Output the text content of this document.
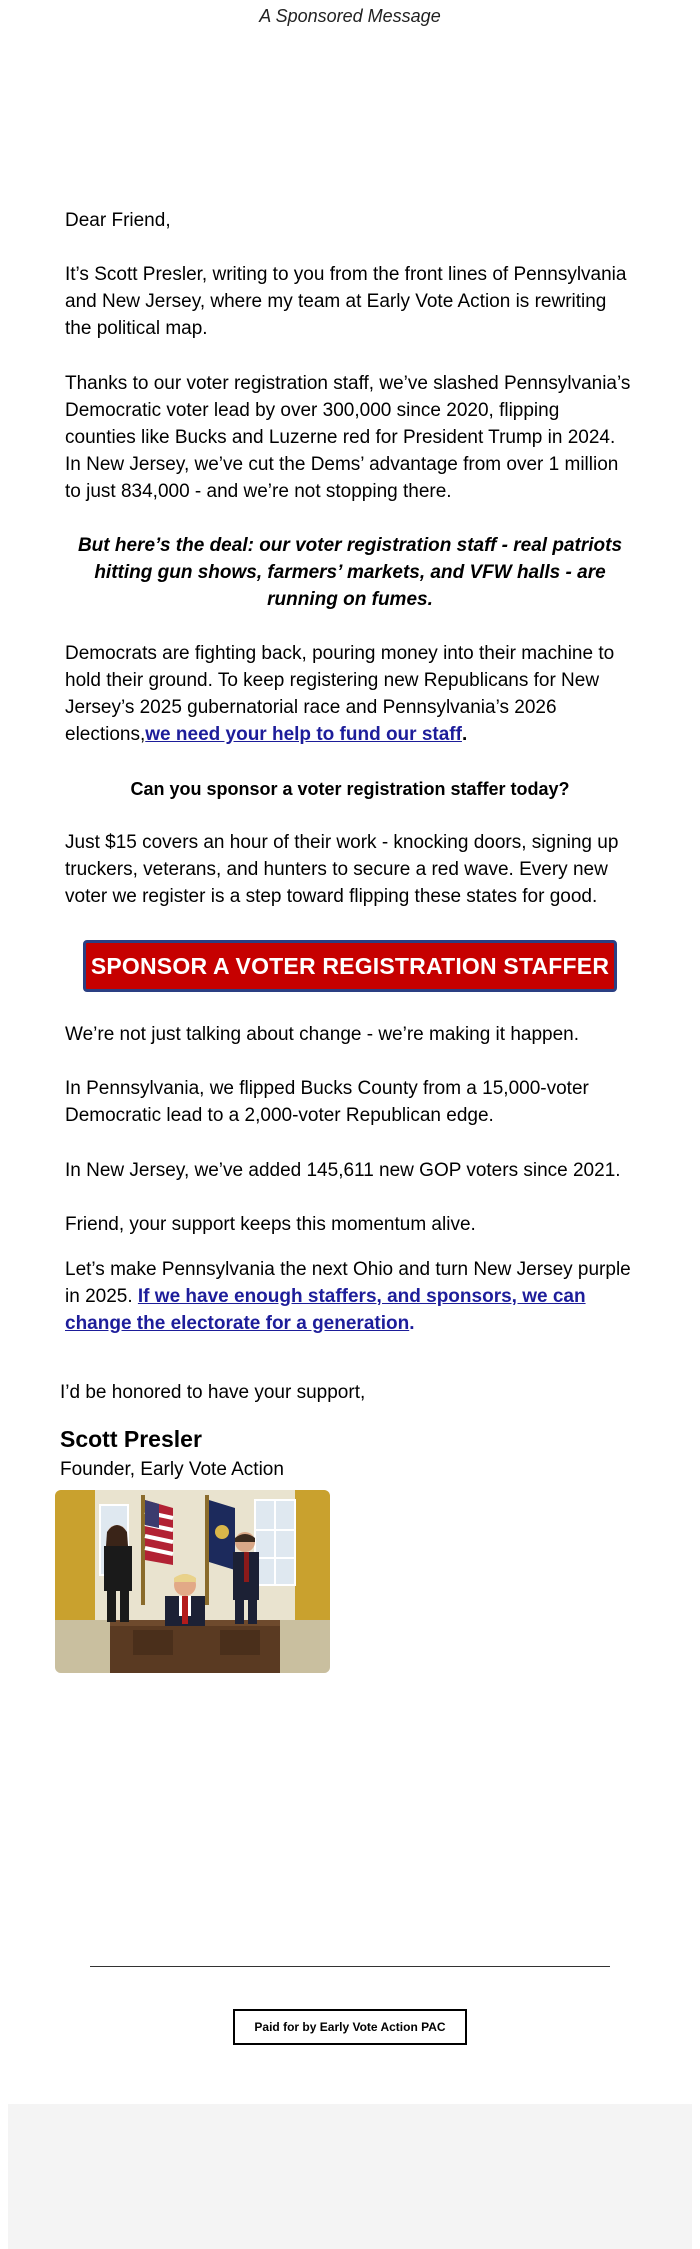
A Sponsored Message

Dear Friend,

It’s Scott Presler, writing to you from the front lines of Pennsylvania and New Jersey, where my team at Early Vote Action is rewriting the political map.

Thanks to our voter registration staff, we’ve slashed Pennsylvania’s Democratic voter lead by over 300,000 since 2020, flipping counties like Bucks and Luzerne red for President Trump in 2024. In New Jersey, we’ve cut the Dems’ advantage from over 1 million to just 834,000 - and we’re not stopping there.

But here’s the deal: our voter registration staff - real patriots hitting gun shows, farmers’ markets, and VFW halls - are running on fumes.

Democrats are fighting back, pouring money into their machine to hold their ground. To keep registering new Republicans for New Jersey’s 2025 gubernatorial race and Pennsylvania’s 2026 elections,we need your help to fund our staff.

Can you sponsor a voter registration staffer today?

Just $15 covers an hour of their work - knocking doors, signing up truckers, veterans, and hunters to secure a red wave. Every new voter we register is a step toward flipping these states for good.

SPONSOR A VOTER REGISTRATION STAFFER

We’re not just talking about change - we’re making it happen.

In Pennsylvania, we flipped Bucks County from a 15,000-voter Democratic lead to a 2,000-voter Republican edge.

In New Jersey, we’ve added 145,611 new GOP voters since 2021.

Friend, your support keeps this momentum alive.

Let’s make Pennsylvania the next Ohio and turn New Jersey purple in 2025. If we have enough staffers, and sponsors, we can change the electorate for a generation.

I’d be honored to have your support,

Scott Presler
Founder, Early Vote Action
Paid for by Early Vote Action PAC
